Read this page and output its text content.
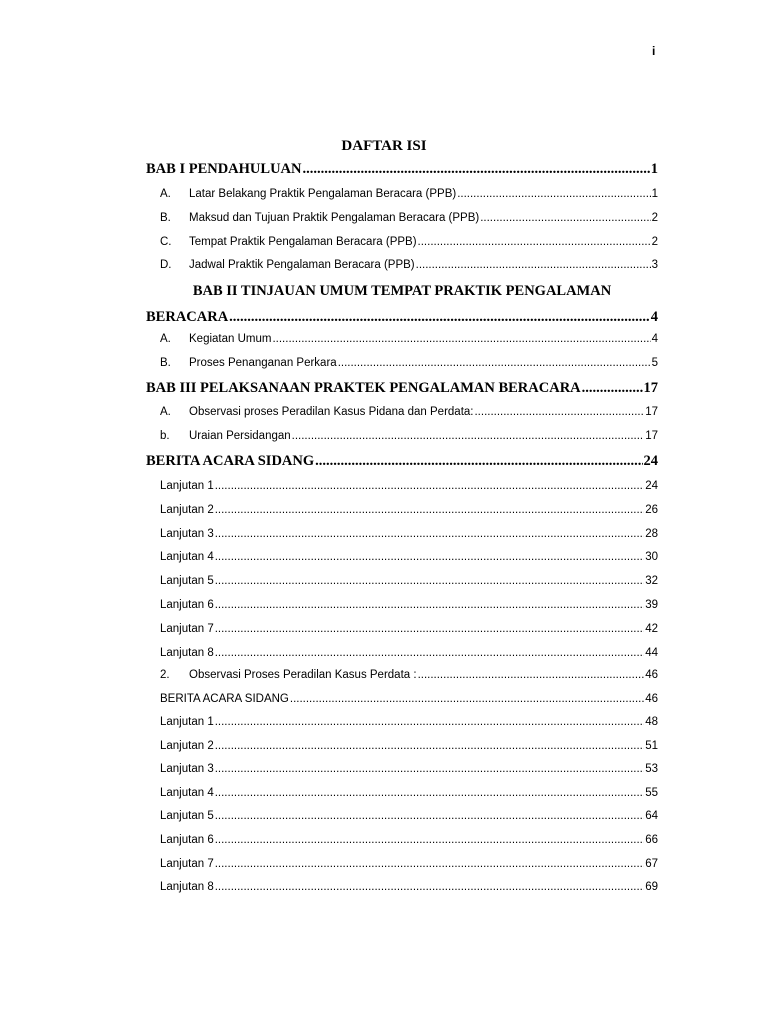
i
DAFTAR ISI
BAB I PENDAHULUAN .....	1
A.	Latar Belakang Praktik Pengalaman Beracara (PPB) .....	1
B.	Maksud dan Tujuan Praktik Pengalaman Beracara (PPB) .....	2
C.	Tempat Praktik Pengalaman Beracara (PPB) .....	2
D.	Jadwal Praktik Pengalaman Beracara (PPB) .....	3
BAB II TINJAUAN UMUM TEMPAT PRAKTIK PENGALAMAN
BERACARA .....	4
A.	Kegiatan Umum .....	4
B.	Proses Penanganan Perkara .....	5
BAB III PELAKSANAAN PRAKTEK PENGALAMAN BERACARA .....	17
A.	Observasi proses Peradilan Kasus Pidana dan Perdata: .....	17
b.	Uraian Persidangan .....	17
BERITA ACARA SIDANG .....	24
Lanjutan 1 .....	24
Lanjutan 2 .....	26
Lanjutan 3 .....	28
Lanjutan 4 .....	30
Lanjutan 5 .....	32
Lanjutan 6 .....	39
Lanjutan 7 .....	42
Lanjutan 8 .....	44
2.	Observasi Proses Peradilan Kasus Perdata : .....	46
BERITA ACARA SIDANG .....	46
Lanjutan 1 .....	48
Lanjutan 2 .....	51
Lanjutan 3 .....	53
Lanjutan 4 .....	55
Lanjutan 5 .....	64
Lanjutan 6 .....	66
Lanjutan 7 .....	67
Lanjutan 8 .....	69
